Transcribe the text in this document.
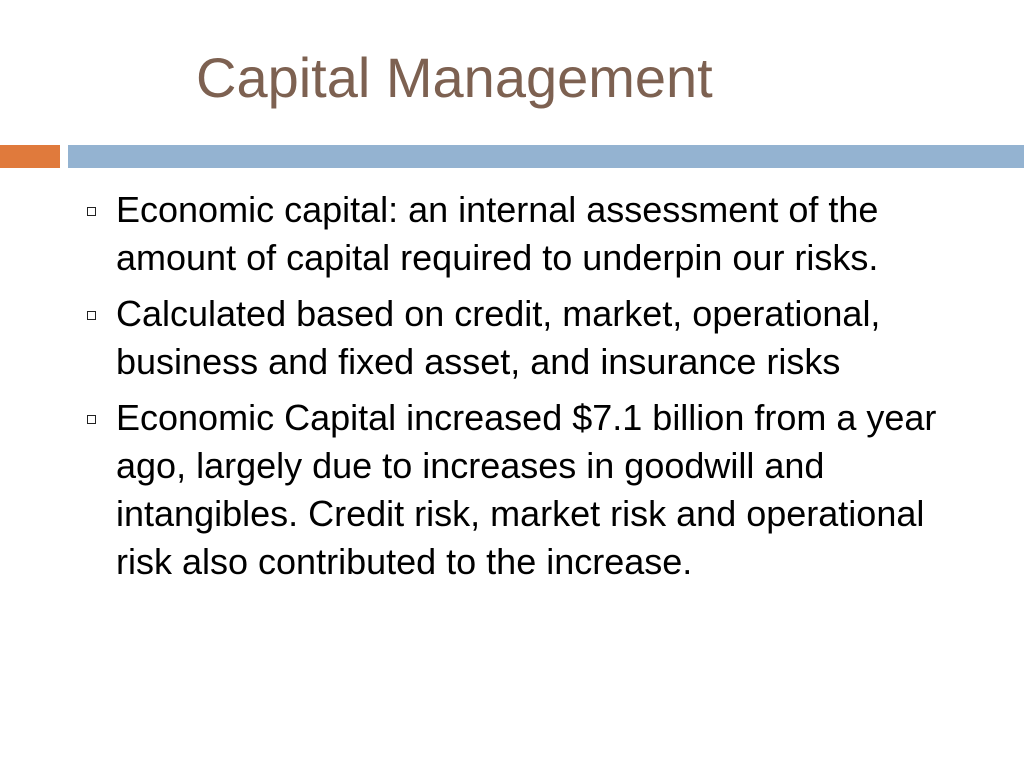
Capital Management
Economic capital: an internal assessment of the amount of capital required to underpin our risks.
Calculated based on credit, market, operational, business and fixed asset, and insurance risks
Economic Capital increased $7.1 billion from a year ago, largely due to increases in goodwill and intangibles. Credit risk, market risk and operational risk also contributed to the increase.
